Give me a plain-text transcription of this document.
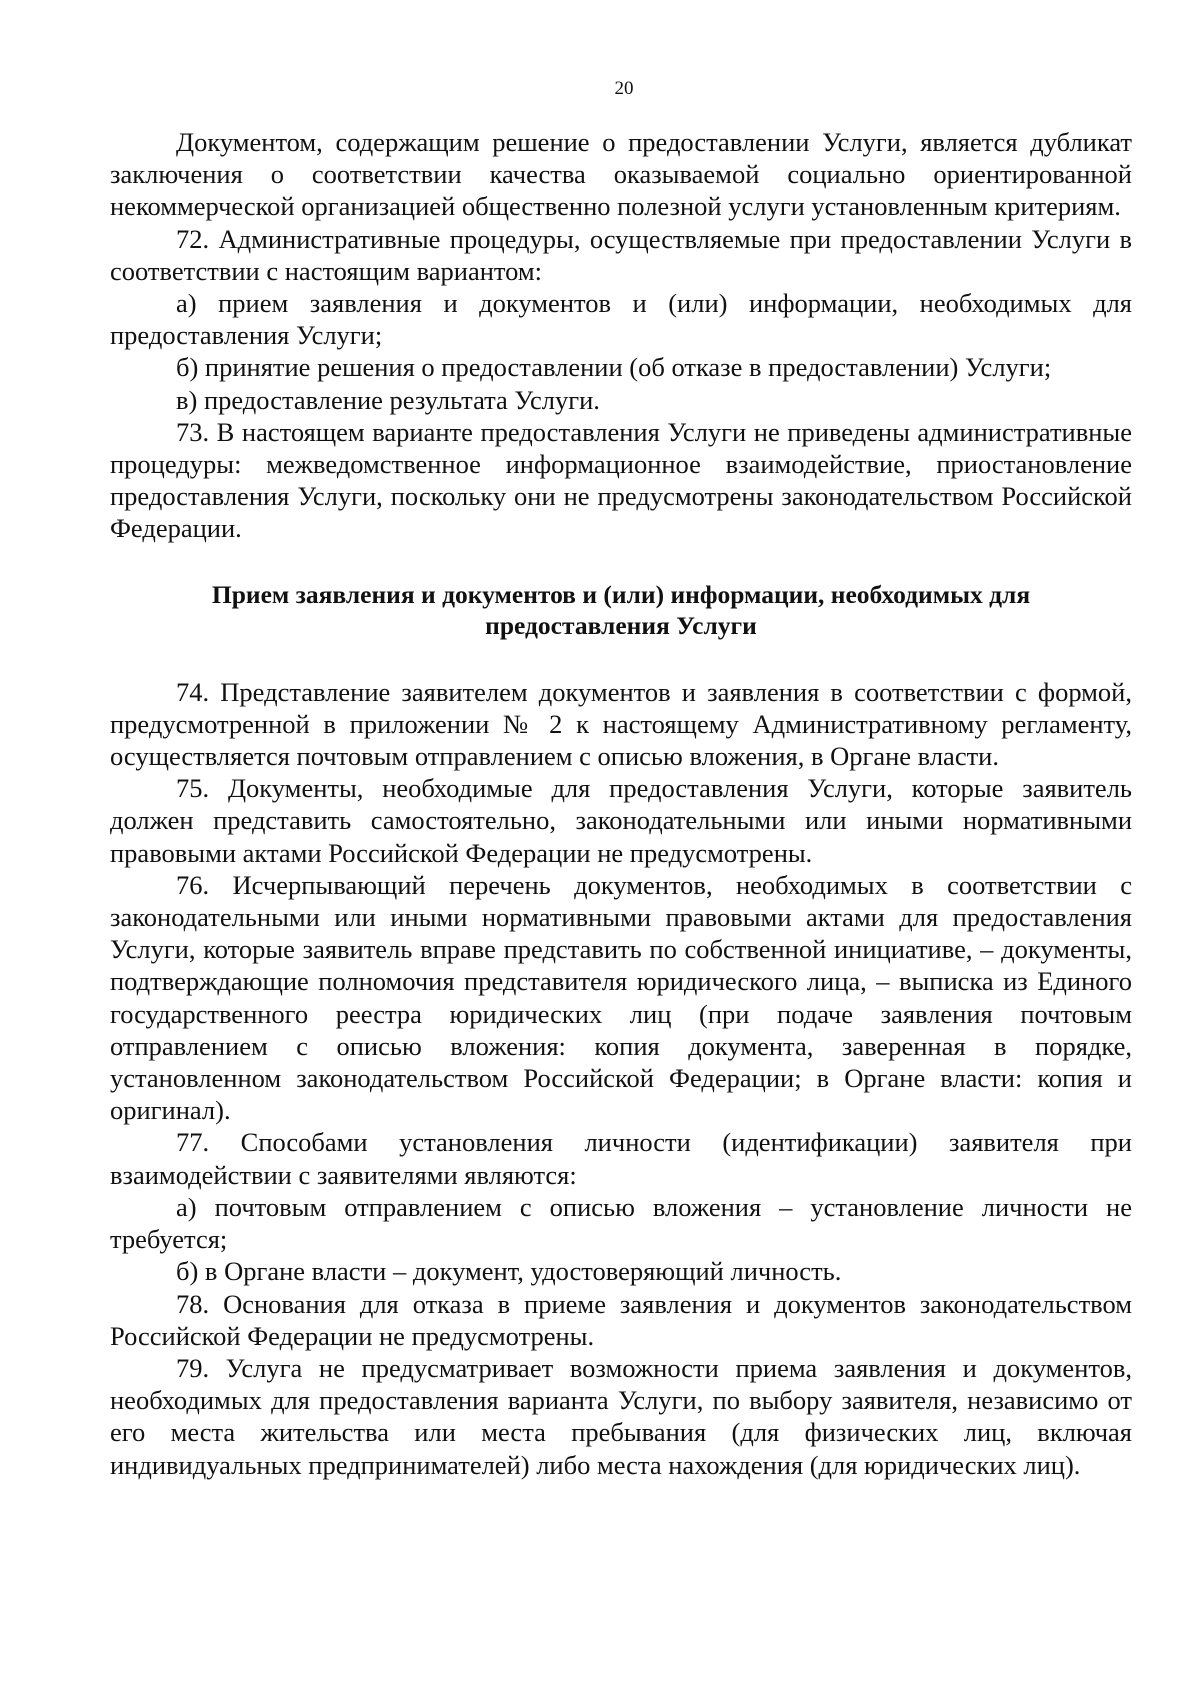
20

Документом, содержащим решение о предоставлении Услуги, является дубликат заключения о соответствии качества оказываемой социально ориентированной некоммерческой организацией общественно полезной услуги установленным критериям.

72. Административные процедуры, осуществляемые при предоставлении Услуги в соответствии с настоящим вариантом:

а) прием заявления и документов и (или) информации, необходимых для предоставления Услуги;

б) принятие решения о предоставлении (об отказе в предоставлении) Услуги;

в) предоставление результата Услуги.

73. В настоящем варианте предоставления Услуги не приведены административные процедуры: межведомственное информационное взаимодействие, приостановление предоставления Услуги, поскольку они не предусмотрены законодательством Российской Федерации.

Прием заявления и документов и (или) информации, необходимых для
предоставления Услуги

74. Представление заявителем документов и заявления в соответствии с формой, предусмотренной в приложении № 2 к настоящему Административному регламенту, осуществляется почтовым отправлением с описью вложения, в Органе власти.

75. Документы, необходимые для предоставления Услуги, которые заявитель должен представить самостоятельно, законодательными или иными нормативными правовыми актами Российской Федерации не предусмотрены.

76. Исчерпывающий перечень документов, необходимых в соответствии с законодательными или иными нормативными правовыми актами для предоставления Услуги, которые заявитель вправе представить по собственной инициативе, – документы, подтверждающие полномочия представителя юридического лица, – выписка из Единого государственного реестра юридических лиц (при подаче заявления почтовым отправлением с описью вложения: копия документа, заверенная в порядке, установленном законодательством Российской Федерации; в Органе власти: копия и оригинал).

77. Способами установления личности (идентификации) заявителя при взаимодействии с заявителями являются:

а) почтовым отправлением с описью вложения – установление личности не требуется;

б) в Органе власти – документ, удостоверяющий личность.

78. Основания для отказа в приеме заявления и документов законодательством Российской Федерации не предусмотрены.

79. Услуга не предусматривает возможности приема заявления и документов, необходимых для предоставления варианта Услуги, по выбору заявителя, независимо от его места жительства или места пребывания (для физических лиц, включая индивидуальных предпринимателей) либо места нахождения (для юридических лиц).
